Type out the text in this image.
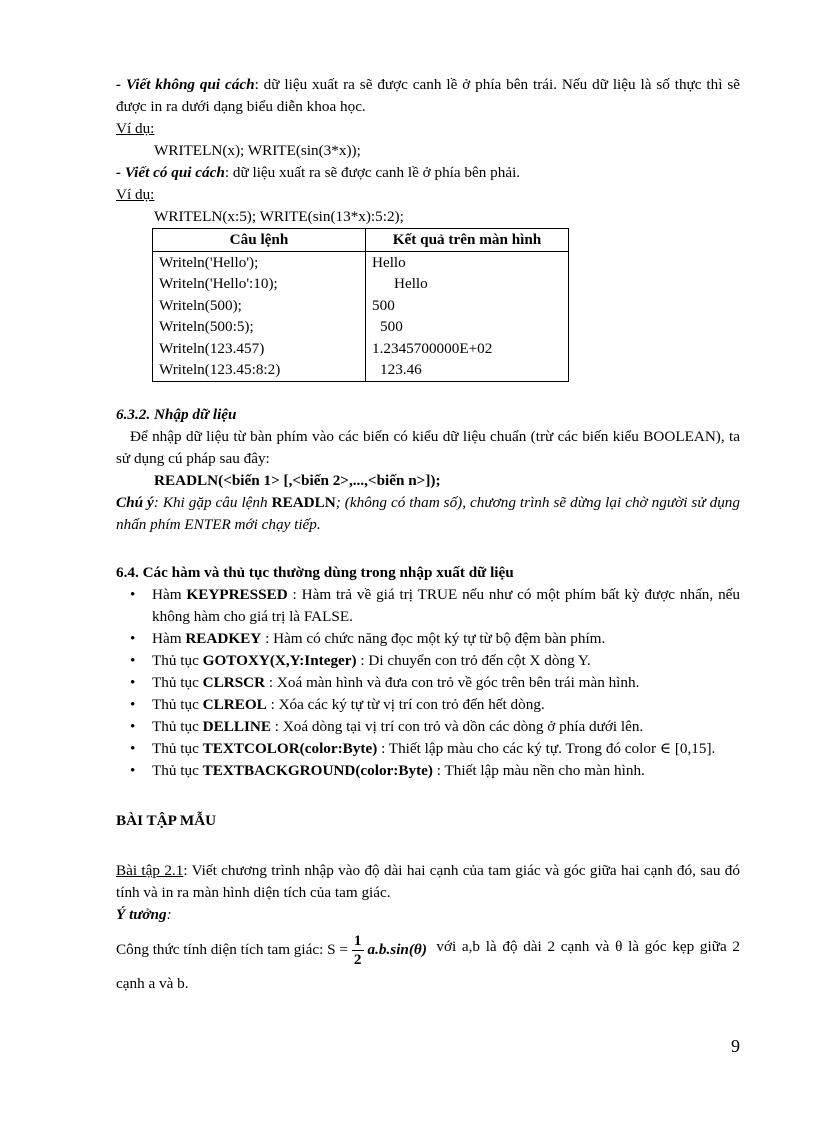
- Viết không qui cách: dữ liệu xuất ra sẽ được canh lề ở phía bên trái. Nếu dữ liệu là số thực thì sẽ được in ra dưới dạng biểu diễn khoa học.

Ví dụ:

WRITELN(x); WRITE(sin(3*x));

- Viết có qui cách: dữ liệu xuất ra sẽ được canh lề ở phía bên phải.

Ví dụ:

WRITELN(x:5); WRITE(sin(13*x):5:2);

Câu lệnh	Kết quả trên màn hình
Writeln('Hello');	Hello
Writeln('Hello':10);	Hello
Writeln(500);	500
Writeln(500:5);	500
Writeln(123.457)	1.2345700000E+02
Writeln(123.45:8:2)	123.46

6.3.2. Nhập dữ liệu

Để nhập dữ liệu từ bàn phím vào các biến có kiểu dữ liệu chuẩn (trừ các biến kiểu BOOLEAN), ta sử dụng cú pháp sau đây:

READLN(<biến 1> [,<biến 2>,...,<biến n>]);

Chú ý: Khi gặp câu lệnh READLN; (không có tham số), chương trình sẽ dừng lại chờ người sử dụng nhấn phím ENTER mới chạy tiếp.

6.4. Các hàm và thủ tục thường dùng trong nhập xuất dữ liệu

• Hàm KEYPRESSED : Hàm trả về giá trị TRUE nếu như có một phím bất kỳ được nhấn, nếu không hàm cho giá trị là FALSE.
• Hàm READKEY : Hàm có chức năng đọc một ký tự từ bộ đệm bàn phím.
• Thủ tục GOTOXY(X,Y:Integer) : Di chuyển con trỏ đến cột X dòng Y.
• Thủ tục CLRSCR : Xoá màn hình và đưa con trỏ về góc trên bên trái màn hình.
• Thủ tục CLREOL : Xóa các ký tự từ vị trí con trỏ đến hết dòng.
• Thủ tục DELLINE : Xoá dòng tại vị trí con trỏ và dồn các dòng ở phía dưới lên.
• Thủ tục TEXTCOLOR(color:Byte) : Thiết lập màu cho các ký tự. Trong đó color ∈ [0,15].
• Thủ tục TEXTBACKGROUND(color:Byte) : Thiết lập màu nền cho màn hình.

BÀI TẬP MẪU

Bài tập 2.1: Viết chương trình nhập vào độ dài hai cạnh của tam giác và góc giữa hai cạnh đó, sau đó tính và in ra màn hình diện tích của tam giác.

Ý tưởng:

Công thức tính diện tích tam giác: $S = \frac{1}{2} a.b.\sin(\theta)$
với a,b là độ dài 2 cạnh và θ là góc kẹp giữa 2 cạnh a và b.

9
